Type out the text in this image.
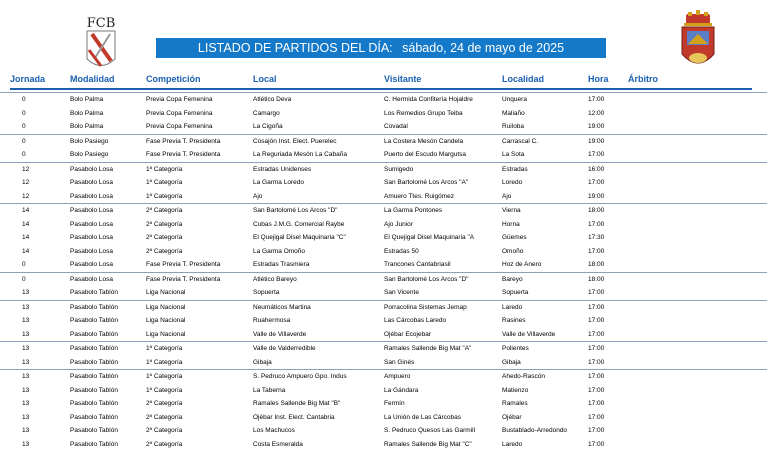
FCB
LISTADO DE PARTIDOS DEL DÍA: sábado, 24 de mayo de 2025
Jornada	Modalidad	Competición	Local	Visitante	Localidad	Hora Árbitro
0	Bolo Palma	Previa Copa Femenina	Atlético Deva	C. Hermida Confitería Hojaldre	Unquera	17:00
0	Bolo Palma	Previa Copa Femenina	Camargo	Los Remedios Grupo Teiba	Maliaño	12:00
0	Bolo Palma	Previa Copa Femenina	La Cigoña	Covadal	Ruiloba	19:00
0	Bolo Pasiego	Fase Previa T. Presidenta	Cosajón Inst. Elect. Puerelec	La Costera Mesón Candela	Carrascal C.	19:00
0	Bolo Pasiego	Fase Previa T. Presidenta	La Reguriada Mesón La Cabaña	Puerto del Escudo Margutsa	La Sota	17:00
12	Pasabolo Losa	1ª Categoría	Estradas Unidenses	Sumigedo	Estradas	16:00
12	Pasabolo Losa	1ª Categoría	La Garma Loredo	San Bartolomé Los Arcos "A"	Loredo	17:00
12	Pasabolo Losa	1ª Categoría	Ajo	Amuero Ttes. Ruigómez	Ajo	19:00
14	Pasabolo Losa	2ª Categoría	San Bartolomé Los Arcos "D"	La Garma Pontones	Vierna	18:00
14	Pasabolo Losa	2ª Categoría	Cubas J.M.G. Comercial Raybe	Ajo Junior	Horna	17:00
14	Pasabolo Losa	2ª Categoría	El Quejigal Disel Maquinaria "C"	El Quejigal Disel Maquinaria "A	Güemes	17:30
14	Pasabolo Losa	2ª Categoría	La Garma Omoño	Estradas 50	Omoño	17:00
0	Pasabolo Losa	Fase Previa T. Presidenta	Estradas Trasmiera	Trancones Cantabriasil	Hoz de Anero	18:00
0	Pasabolo Losa	Fase Previa T. Presidenta	Atlético Bareyo	San Bartolomé Los Arcos "D"	Bareyo	18:00
13	Pasabolo Tablón	Liga Nacional	Sopuerta	San Vicente	Sopuerta	17:00
13	Pasabolo Tablón	Liga Nacional	Neumáticos Martina	Porracolina Sistemas Jemap	Laredo	17:00
13	Pasabolo Tablón	Liga Nacional	Ruahermosa	Las Cárcobas Laredo	Rasines	17:00
13	Pasabolo Tablón	Liga Nacional	Valle de Villaverde	Ojébar Ecojebar	Valle de Villaverde	17:00
13	Pasabolo Tablón	1ª Categoría	Valle de Valderredible	Ramales Sallende Big Mat "A"	Polientes	17:00
13	Pasabolo Tablón	1ª Categoría	Gibaja	San Ginés	Gibaja	17:00
13	Pasabolo Tablón	1ª Categoría	S. Pedruco Ampuero Gpo. Indus	Ampuero	Ahedo-Rascón	17:00
13	Pasabolo Tablón	1ª Categoría	La Taberna	La Gándara	Matienzo	17:00
13	Pasabolo Tablón	2ª Categoría	Ramales Sallende Big Mat "B"	Fermín	Ramales	17:00
13	Pasabolo Tablón	2ª Categoría	Ojébar Inst. Elect. Cantabria	La Unión de Las Cárcobas	Ojébar	17:00
13	Pasabolo Tablón	2ª Categoría	Los Machucos	S. Pedruco Quesos Las Garmill	Bustablado-Arredondo	17:00
13	Pasabolo Tablón	2ª Categoría	Costa Esmeralda	Ramales Sallende Big Mat "C"	Laredo	17:00
